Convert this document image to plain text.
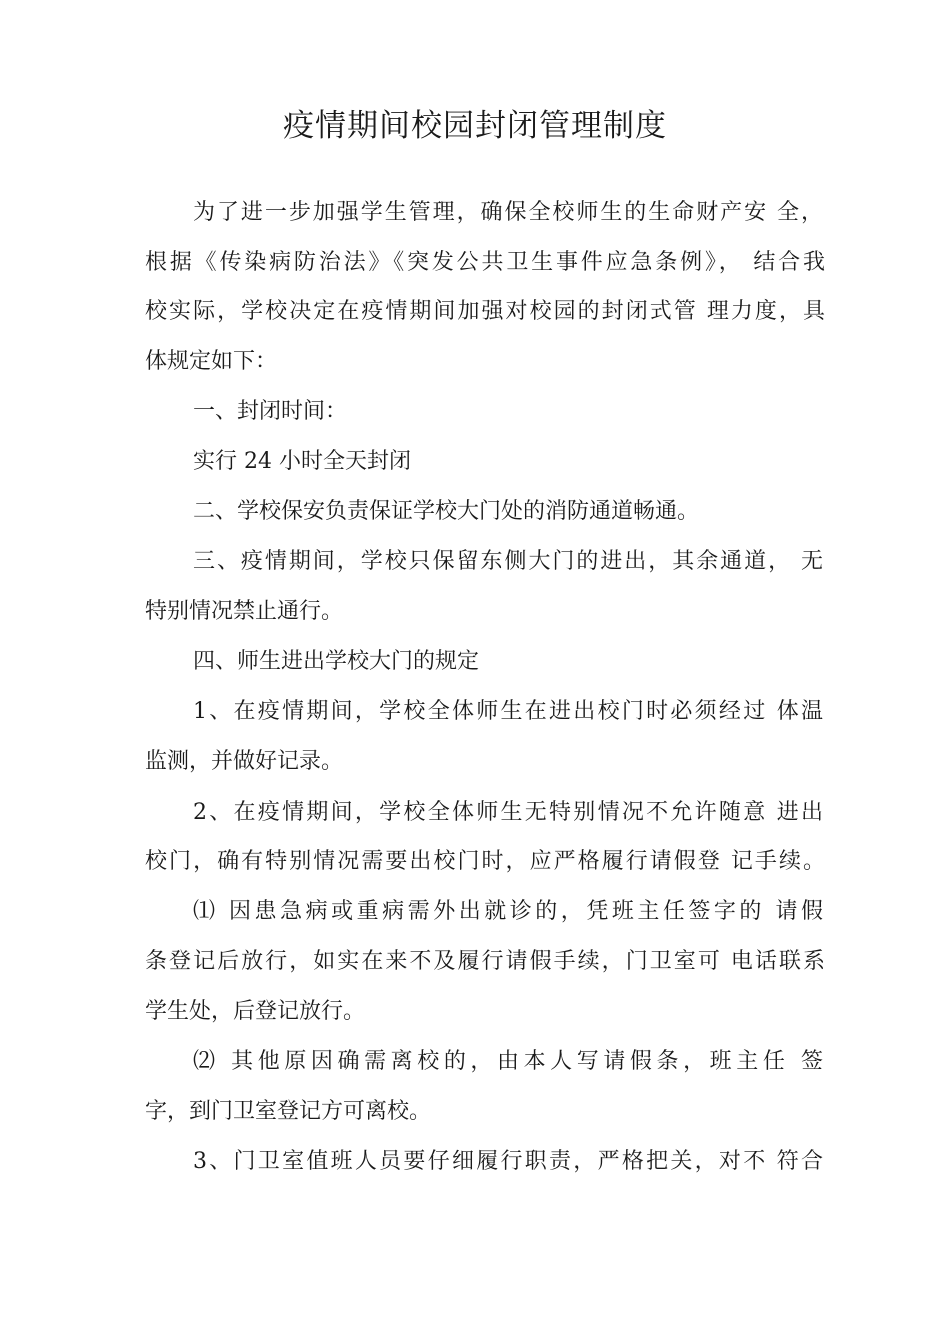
疫情期间校园封闭管理制度
为了进一步加强学生管理，确保全校师生的生命财产安 全，
根据《传染病防治法》《突发公共卫生事件应急条例》， 结合我
校实际，学校决定在疫情期间加强对校园的封闭式管 理力度，具
体规定如下：
一、封闭时间：
实行 24 小时全天封闭
二、学校保安负责保证学校大门处的消防通道畅通。
三、疫情期间，学校只保留东侧大门的进出，其余通道， 无
特别情况禁止通行。
四、师生进出学校大门的规定
1、在疫情期间，学校全体师生在进出校门时必须经过 体温
监测，并做好记录。
2、在疫情期间，学校全体师生无特别情况不允许随意 进出
校门，确有特别情况需要出校门时，应严格履行请假登 记手续。
⑴ 因患急病或重病需外出就诊的，凭班主任签字的 请假
条登记后放行，如实在来不及履行请假手续，门卫室可 电话联系
学生处，后登记放行。
⑵ 其他原因确需离校的，由本人写请假条，班主任 签
字，到门卫室登记方可离校。
3、门卫室值班人员要仔细履行职责，严格把关，对不 符合
